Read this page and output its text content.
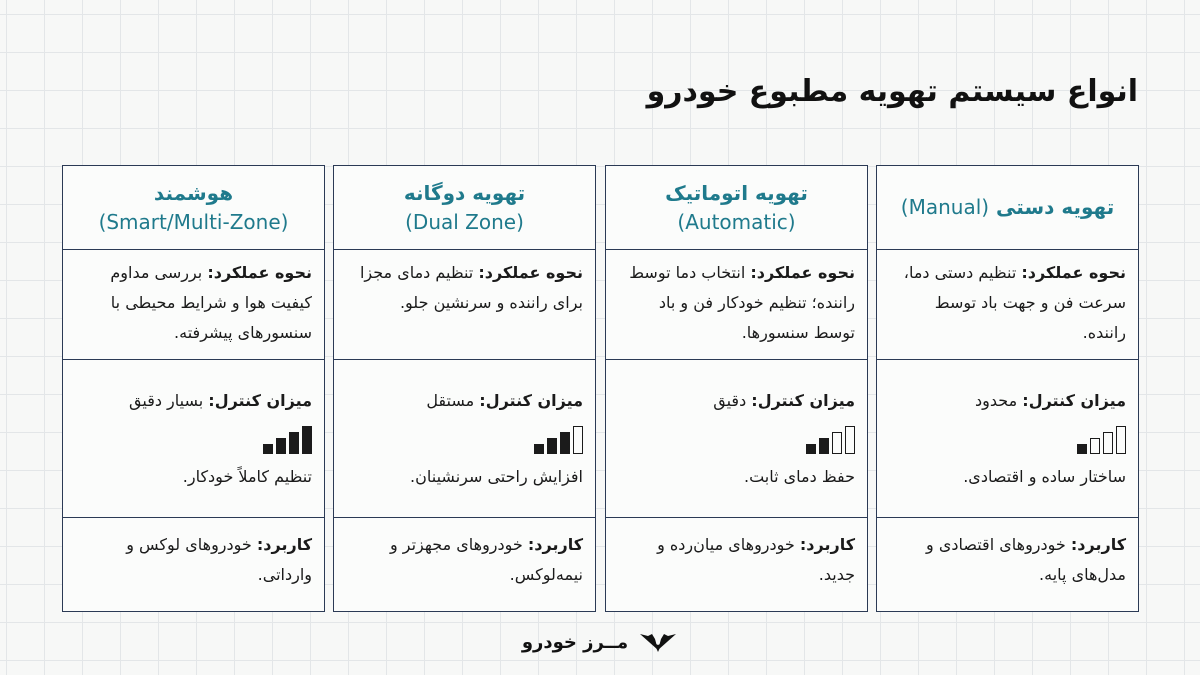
انواع سیستم تهویه مطبوع خودرو
تهویه دستی (Manual)
نحوه عملکرد: تنظیم دستی دما، سرعت فن و جهت باد توسط راننده.
میزان کنترل: محدود
ساختار ساده و اقتصادی.
کاربرد: خودروهای اقتصادی و مدل‌های پایه.
تهویه اتوماتیک
(Automatic)
نحوه عملکرد: انتخاب دما توسط راننده؛ تنظیم خودکار فن و باد توسط سنسورها.
میزان کنترل: دقیق
حفظ دمای ثابت.
کاربرد: خودروهای میان‌رده و جدید.
تهویه دوگانه
(Dual Zone)
نحوه عملکرد: تنظیم دمای مجزا برای راننده و سرنشین جلو.
میزان کنترل: مستقل
افزایش راحتی سرنشینان.
کاربرد: خودروهای مجهزتر و نیمه‌لوکس.
هوشمند
(Smart/Multi-Zone)
نحوه عملکرد: بررسی مداوم کیفیت هوا و شرایط محیطی با سنسورهای پیشرفته.
میزان کنترل: بسیار دقیق
تنظیم کاملاً خودکار.
کاربرد: خودروهای لوکس و وارداتی.
مــرز خودرو
